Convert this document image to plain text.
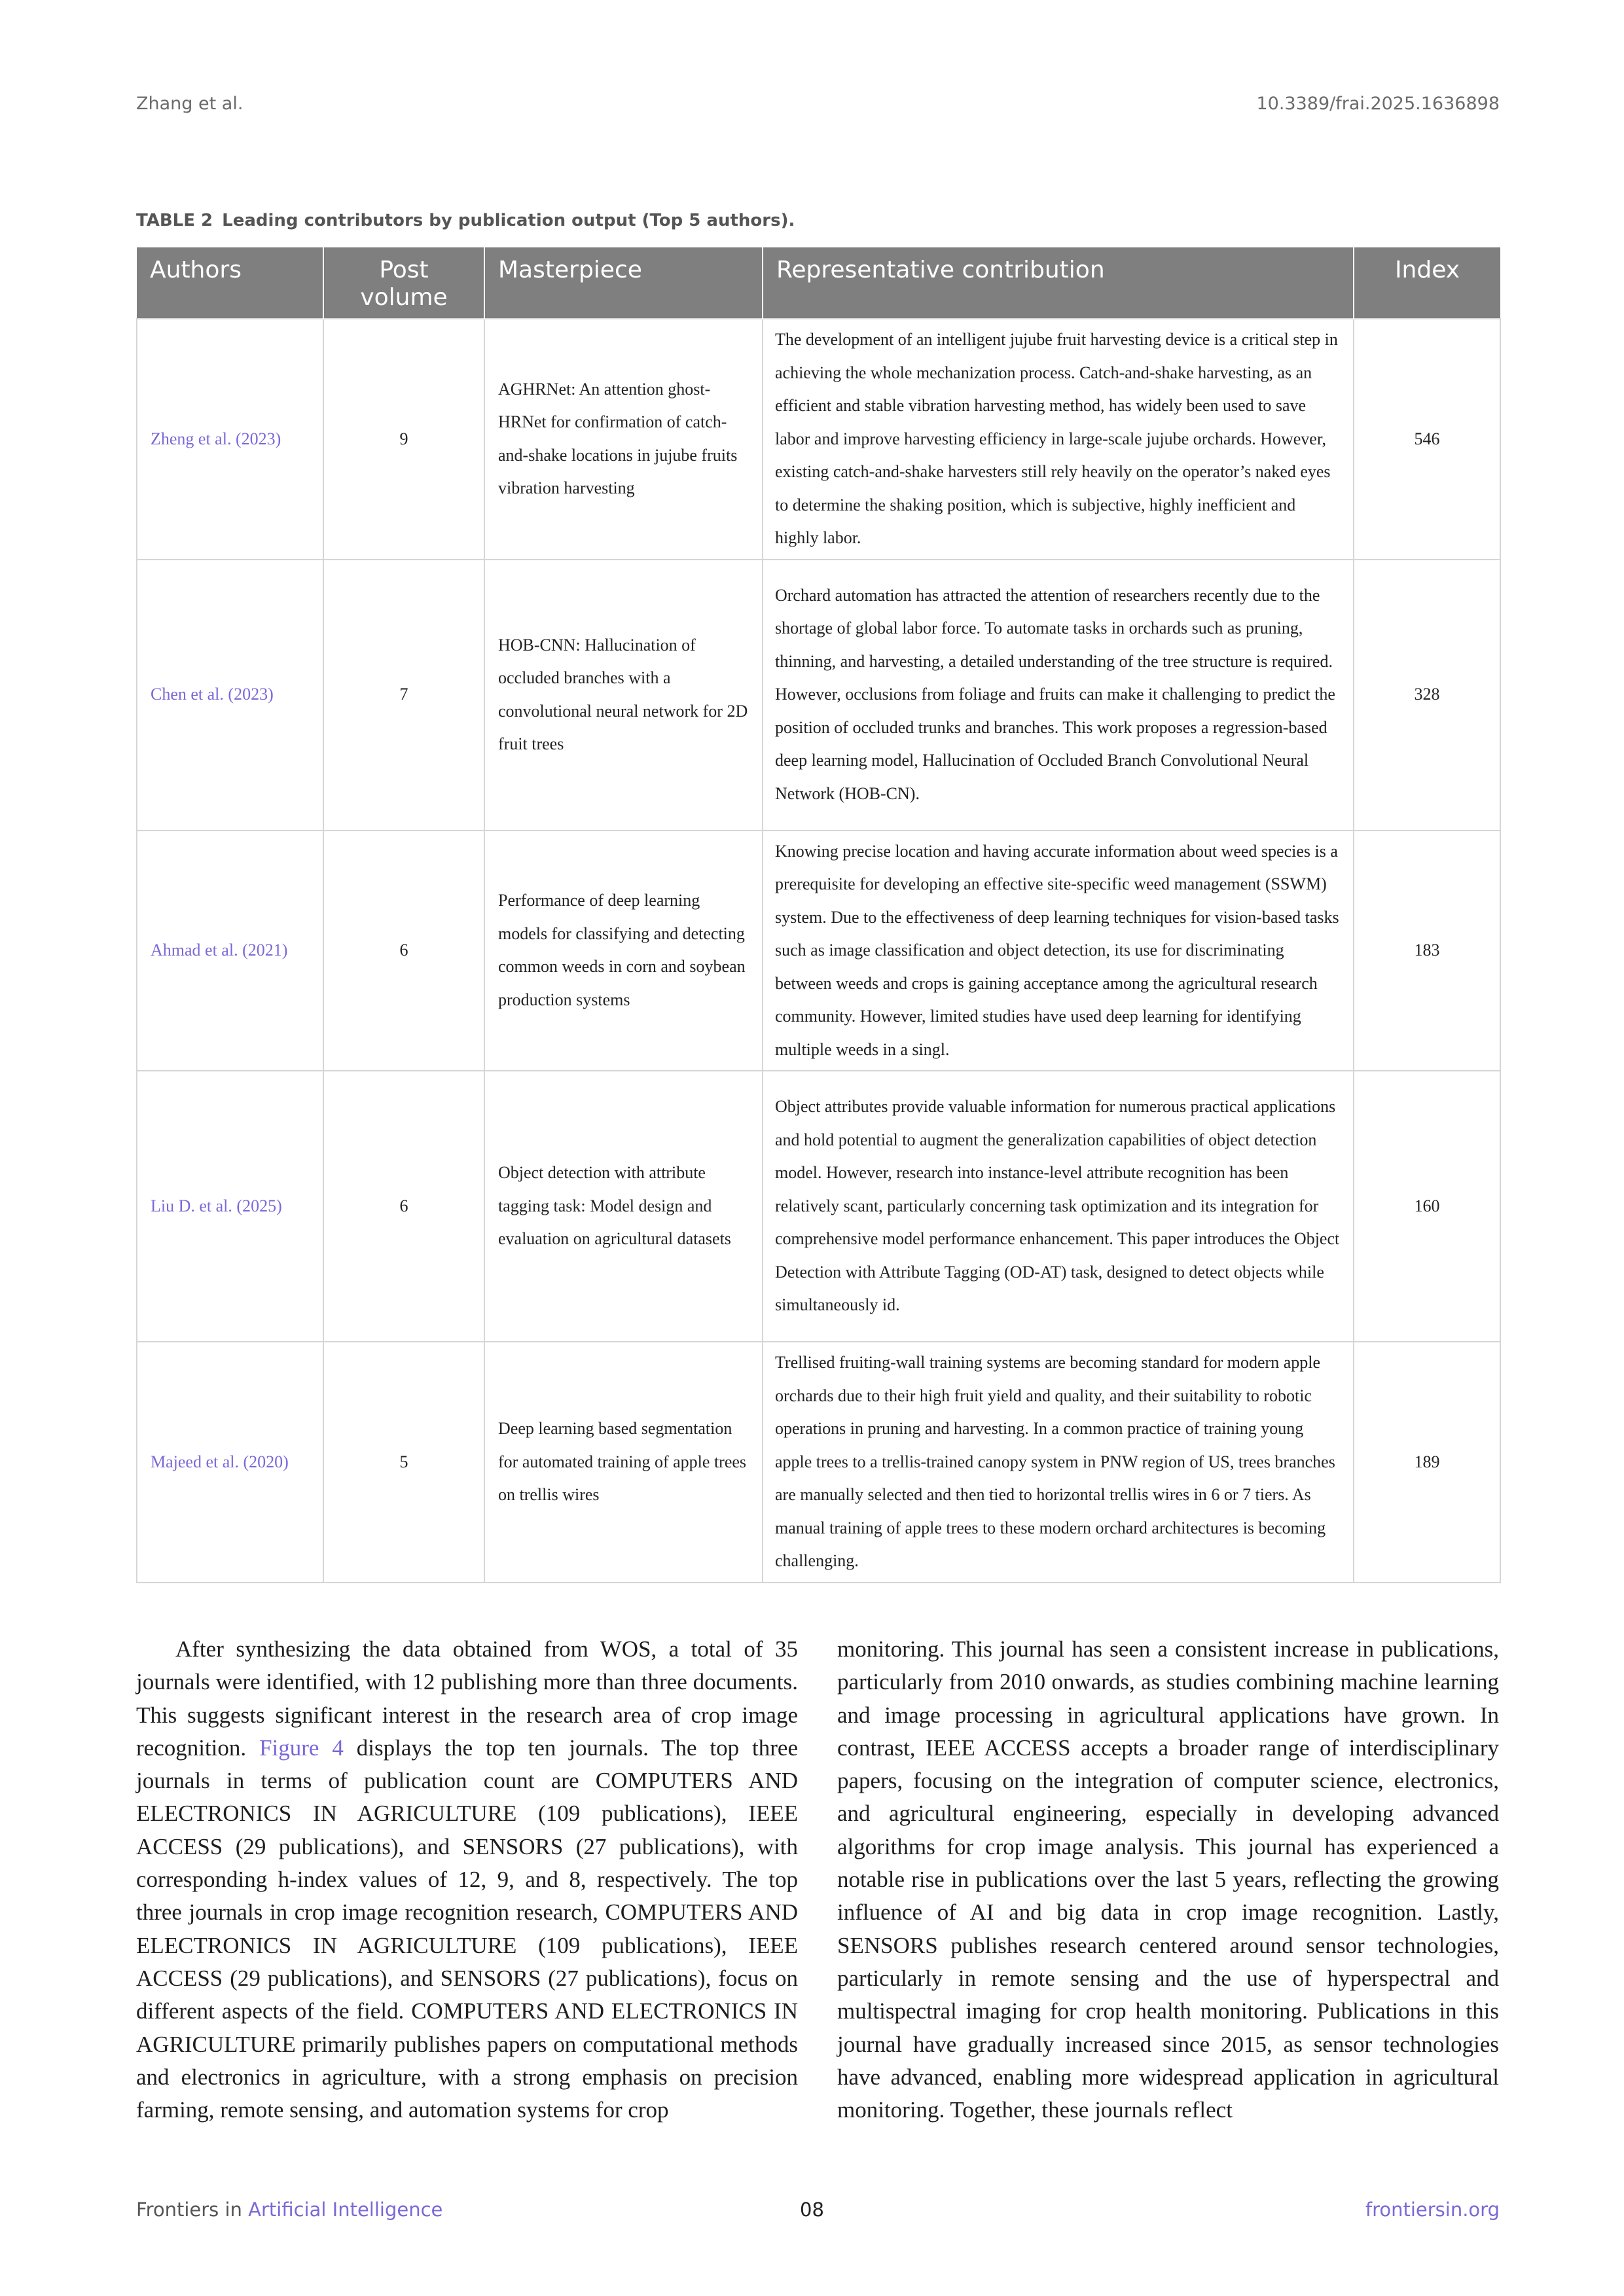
Zhang et al.	10.3389/frai.2025.1636898
TABLE 2 Leading contributors by publication output (Top 5 authors).
Authors	Post volume	Masterpiece	Representative contribution	Index
Zheng et al. (2023)	9	AGHRNet: An attention ghost-HRNet for confirmation of catch-and-shake locations in jujube fruits vibration harvesting	The development of an intelligent jujube fruit harvesting device is a critical step in achieving the whole mechanization process. Catch-and-shake harvesting, as an efficient and stable vibration harvesting method, has widely been used to save labor and improve harvesting efficiency in large-scale jujube orchards. However, existing catch-and-shake harvesters still rely heavily on the operator’s naked eyes to determine the shaking position, which is subjective, highly inefficient and highly labor.	546
Chen et al. (2023)	7	HOB-CNN: Hallucination of occluded branches with a convolutional neural network for 2D fruit trees	Orchard automation has attracted the attention of researchers recently due to the shortage of global labor force. To automate tasks in orchards such as pruning, thinning, and harvesting, a detailed understanding of the tree structure is required. However, occlusions from foliage and fruits can make it challenging to predict the position of occluded trunks and branches. This work proposes a regression-based deep learning model, Hallucination of Occluded Branch Convolutional Neural Network (HOB-CN).	328
Ahmad et al. (2021)	6	Performance of deep learning models for classifying and detecting common weeds in corn and soybean production systems	Knowing precise location and having accurate information about weed species is a prerequisite for developing an effective site-specific weed management (SSWM) system. Due to the effectiveness of deep learning techniques for vision-based tasks such as image classification and object detection, its use for discriminating between weeds and crops is gaining acceptance among the agricultural research community. However, limited studies have used deep learning for identifying multiple weeds in a singl.	183
Liu D. et al. (2025)	6	Object detection with attribute tagging task: Model design and evaluation on agricultural datasets	Object attributes provide valuable information for numerous practical applications and hold potential to augment the generalization capabilities of object detection model. However, research into instance-level attribute recognition has been relatively scant, particularly concerning task optimization and its integration for comprehensive model performance enhancement. This paper introduces the Object Detection with Attribute Tagging (OD-AT) task, designed to detect objects while simultaneously id.	160
Majeed et al. (2020)	5	Deep learning based segmentation for automated training of apple trees on trellis wires	Trellised fruiting-wall training systems are becoming standard for modern apple orchards due to their high fruit yield and quality, and their suitability to robotic operations in pruning and harvesting. In a common practice of training young apple trees to a trellis-trained canopy system in PNW region of US, trees branches are manually selected and then tied to horizontal trellis wires in 6 or 7 tiers. As manual training of apple trees to these modern orchard architectures is becoming challenging.	189

After synthesizing the data obtained from WOS, a total of 35 journals were identified, with 12 publishing more than three documents. This suggests significant interest in the research area of crop image recognition. Figure 4 displays the top ten journals. The top three journals in terms of publication count are COMPUTERS AND ELECTRONICS IN AGRICULTURE (109 publications), IEEE ACCESS (29 publications), and SENSORS (27 publications), with corresponding h-index values of 12, 9, and 8, respectively. The top three journals in crop image recognition research, COMPUTERS AND ELECTRONICS IN AGRICULTURE (109 publications), IEEE ACCESS (29 publications), and SENSORS (27 publications), focus on different aspects of the field. COMPUTERS AND ELECTRONICS IN AGRICULTURE primarily publishes papers on computational methods and electronics in agriculture, with a strong emphasis on precision farming, remote sensing, and automation systems for crop

monitoring. This journal has seen a consistent increase in publications, particularly from 2010 onwards, as studies combining machine learning and image processing in agricultural applications have grown. In contrast, IEEE ACCESS accepts a broader range of interdisciplinary papers, focusing on the integration of computer science, electronics, and agricultural engineering, especially in developing advanced algorithms for crop image analysis. This journal has experienced a notable rise in publications over the last 5 years, reflecting the growing influence of AI and big data in crop image recognition. Lastly, SENSORS publishes research centered around sensor technologies, particularly in remote sensing and the use of hyperspectral and multispectral imaging for crop health monitoring. Publications in this journal have gradually increased since 2015, as sensor technologies have advanced, enabling more widespread application in agricultural monitoring. Together, these journals reflect

Frontiers in Artificial Intelligence	08	frontiersin.org
